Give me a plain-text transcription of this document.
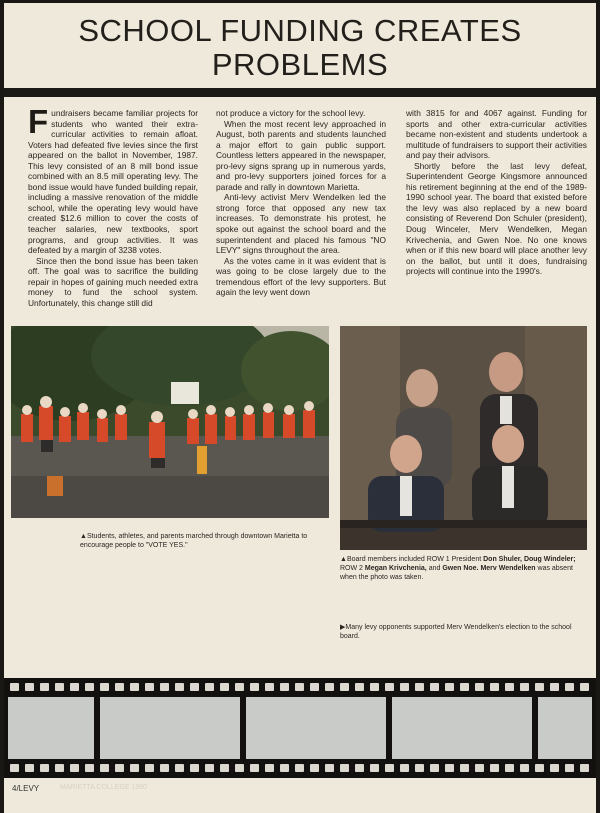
SCHOOL FUNDING CREATES
PROBLEMS

Fundraisers became familiar projects for students who wanted their extra-curricular activities to remain afloat. Voters had defeated five levies since the first appeared on the ballot in November, 1987. This levy consisted of an 8 mill bond issue combined with an 8.5 mill operating levy. The bond issue would have funded building repair, including a massive renovation of the middle school, while the operating levy would have created $12.6 million to cover the costs of teacher salaries, new textbooks, sport programs, and group activities. It was defeated by a margin of 3238 votes.

Since then the bond issue has been taken off. The goal was to sacrifice the building repair in hopes of gaining much needed extra money to fund the school system. Unfortunately, this change still did

not produce a victory for the school levy.

When the most recent levy approached in August, both parents and students launched a major effort to gain public support. Countless letters appeared in the newspaper, pro-levy signs sprang up in numerous yards, and pro-levy supporters joined forces for a parade and rally in downtown Marietta.

Anti-levy activist Merv Wendelken led the strong force that opposed any new tax increases. To demonstrate his protest, he spoke out against the school board and the superintendent and placed his famous "NO LEVY" signs throughout the area.

As the votes came in it was evident that is was going to be close largely due to the tremendous effort of the levy supporters. But again the levy went down

with 3815 for and 4067 against. Funding for sports and other extra-curricular activities became non-existent and students undertook a multitude of fundraisers to support their activities and pay their advisors.

Shortly before the last levy defeat, Superintendent George Kingsmore announced his retirement beginning at the end of the 1989-1990 school year. The board that existed before the levy was also replaced by a new board consisting of Reverend Don Schuler (president), Doug Winceler, Merv Wendelken, Megan Krivechenia, and Gwen Noe. No one knows when or if this new board will place another levy on the ballot, but until it does, fundraising projects will continue into the 1990's.

▲Students, athletes, and parents marched through downtown Marietta to encourage people to "VOTE YES."
▲Board members included ROW 1 President Don Shuler, Doug Windeler; ROW 2 Megan Krivchenia, and Gwen Noe. Merv Wendelken was absent when the photo was taken.
▶Many levy opponents supported Merv Wendelken's election to the school board.
4/LEVY	MARIETTA COLLEGE 1990
